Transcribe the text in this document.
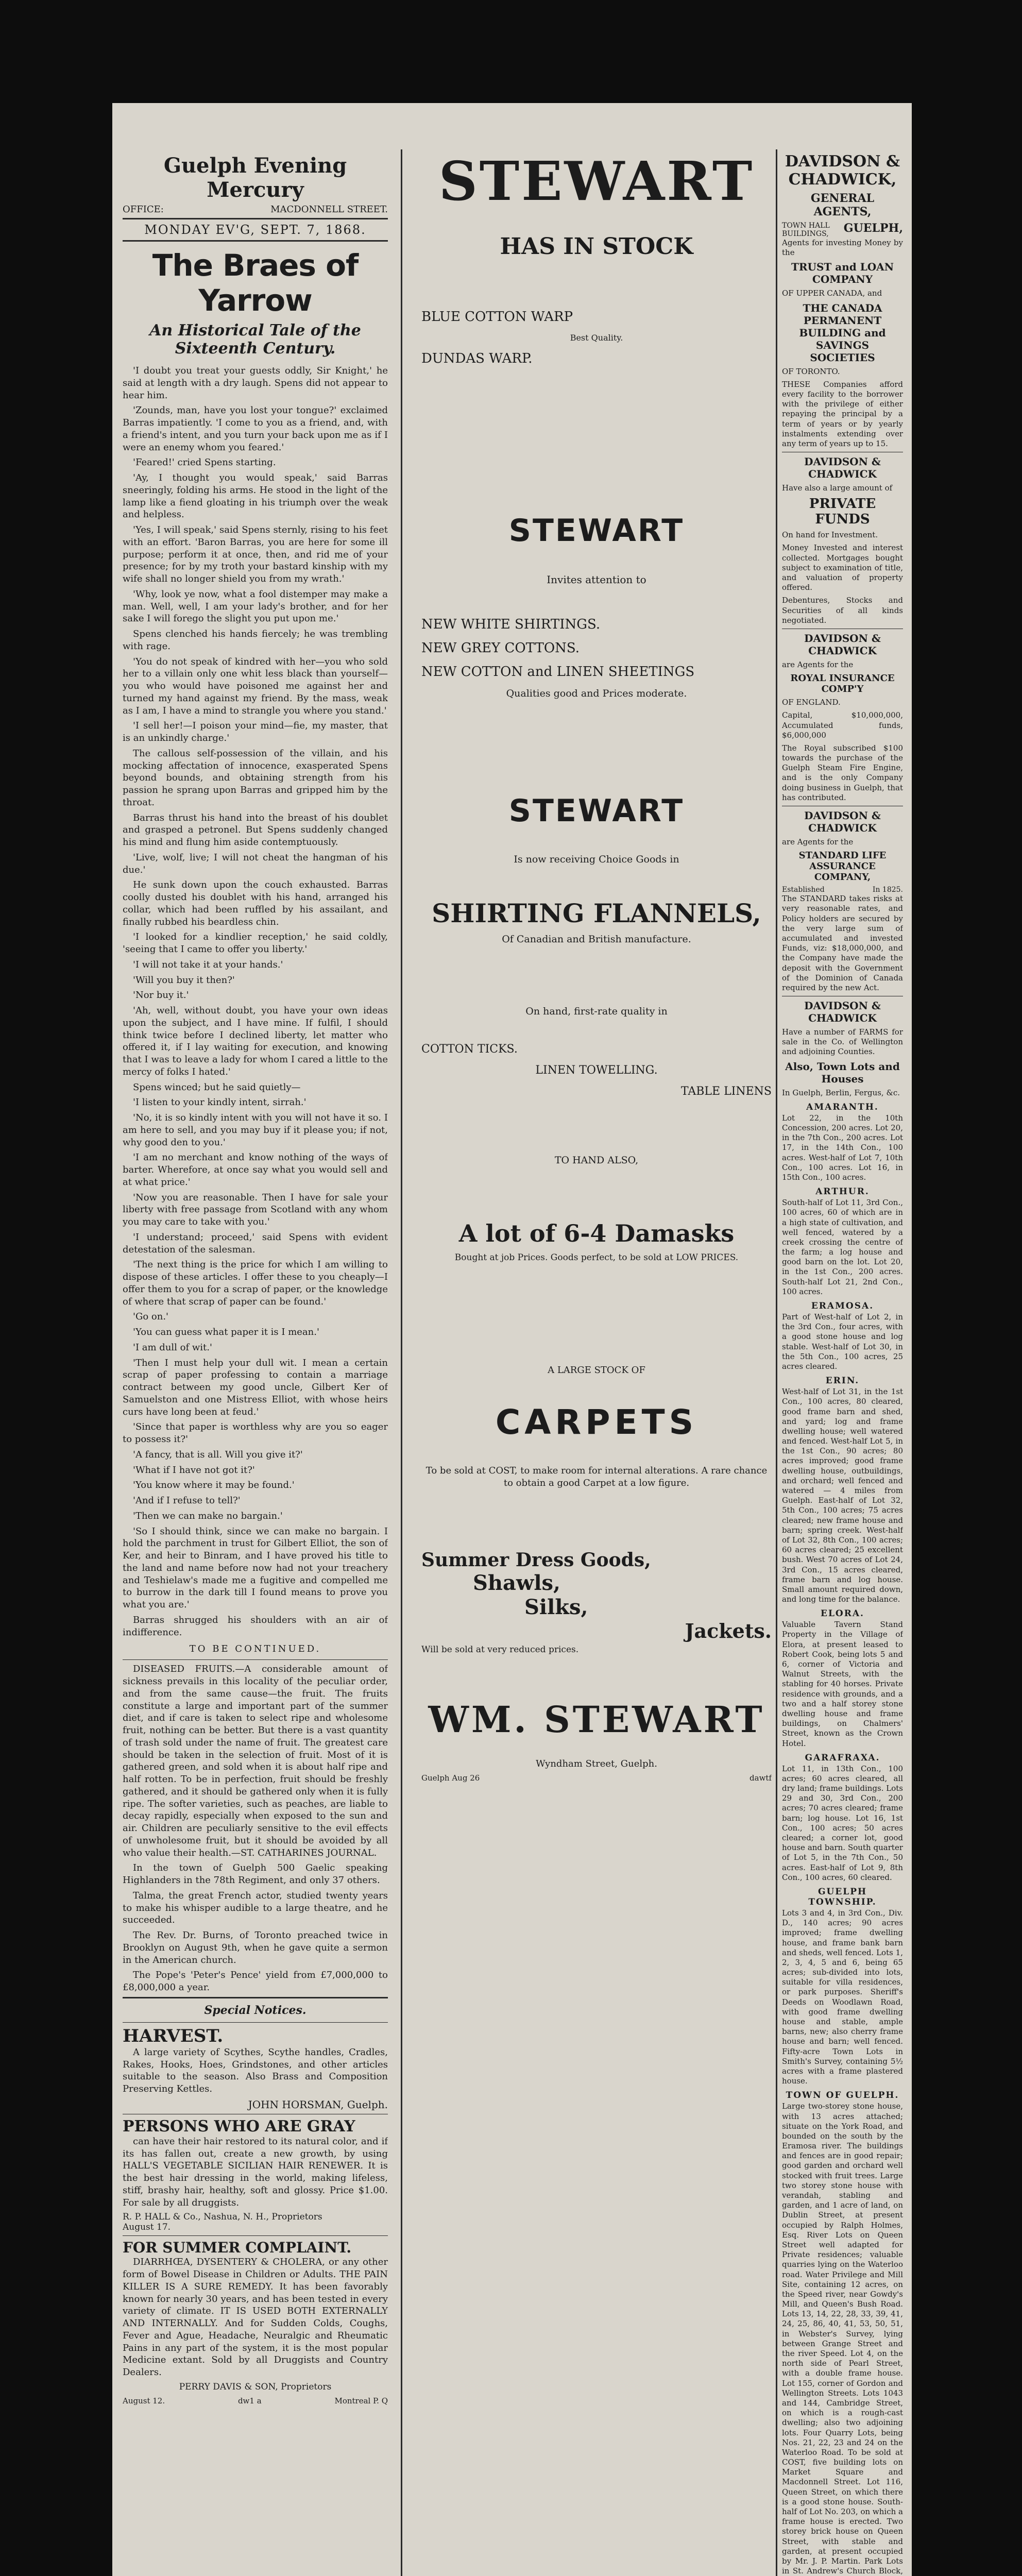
Guelph Evening Mercury
OFFICE:	MACDONNELL STREET.
MONDAY EV'G, SEPT. 7, 1868.
The Braes of Yarrow
An Historical Tale of the Sixteenth Century.

'I doubt you treat your guests oddly, Sir Knight,' he said at length with a dry laugh. Spens did not appear to hear him.

'Zounds, man, have you lost your tongue?' exclaimed Barras impatiently. 'I come to you as a friend, and, with a friend's intent, and you turn your back upon me as if I were an enemy whom you feared.'

'Feared!' cried Spens starting.

'Ay, I thought you would speak,' said Barras sneeringly, folding his arms. He stood in the light of the lamp like a fiend gloating in his triumph over the weak and helpless.

'Yes, I will speak,' said Spens sternly, rising to his feet with an effort. 'Baron Barras, you are here for some ill purpose; perform it at once, then, and rid me of your presence; for by my troth your bastard kinship with my wife shall no longer shield you from my wrath.'

'Why, look ye now, what a fool distemper may make a man. Well, well, I am your lady's brother, and for her sake I will forego the slight you put upon me.'

Spens clenched his hands fiercely; he was trembling with rage.

'You do not speak of kindred with her—you who sold her to a villain only one whit less black than yourself—you who would have poisoned me against her and turned my hand against my friend. By the mass, weak as I am, I have a mind to strangle you where you stand.'

'I sell her!—I poison your mind—fie, my master, that is an unkindly charge.'

The callous self-possession of the villain, and his mocking affectation of innocence, exasperated Spens beyond bounds, and obtaining strength from his passion he sprang upon Barras and gripped him by the throat.

Barras thrust his hand into the breast of his doublet and grasped a petronel. But Spens suddenly changed his mind and flung him aside contemptuously.

'Live, wolf, live; I will not cheat the hangman of his due.'

He sunk down upon the couch exhausted. Barras coolly dusted his doublet with his hand, arranged his collar, which had been ruffled by his assailant, and finally rubbed his beardless chin.

'I looked for a kindlier reception,' he said coldly, 'seeing that I came to offer you liberty.'

'I will not take it at your hands.'

'Will you buy it then?'

'Nor buy it.'

'Ah, well, without doubt, you have your own ideas upon the subject, and I have mine. If fulfil, I should think twice before I declined liberty, let matter who offered it, if I lay waiting for execution, and knowing that I was to leave a lady for whom I cared a little to the mercy of folks I hated.'

Spens winced; but he said quietly—

'I listen to your kindly intent, sirrah.'

'No, it is so kindly intent with you will not have it so. I am here to sell, and you may buy if it please you; if not, why good den to you.'

'I am no merchant and know nothing of the ways of barter. Wherefore, at once say what you would sell and at what price.'

'Now you are reasonable. Then I have for sale your liberty with free passage from Scotland with any whom you may care to take with you.'

'I understand; proceed,' said Spens with evident detestation of the salesman.

'The next thing is the price for which I am willing to dispose of these articles. I offer these to you cheaply—I offer them to you for a scrap of paper, or the knowledge of where that scrap of paper can be found.'

'Go on.'

'You can guess what paper it is I mean.'

'I am dull of wit.'

'Then I must help your dull wit. I mean a certain scrap of paper professing to contain a marriage contract between my good uncle, Gilbert Ker of Samuelston and one Mistress Elliot, with whose heirs curs have long been at feud.'

'Since that paper is worthless why are you so eager to possess it?'

'A fancy, that is all. Will you give it?'

'What if I have not got it?'

'You know where it may be found.'

'And if I refuse to tell?'

'Then we can make no bargain.'

'So I should think, since we can make no bargain. I hold the parchment in trust for Gilbert Elliot, the son of Ker, and heir to Binram, and I have proved his title to the land and name before now had not your treachery and Teshielaw's made me a fugitive and compelled me to burrow in the dark till I found means to prove you what you are.'

Barras shrugged his shoulders with an air of indifference.

TO BE CONTINUED.

DISEASED FRUITS.—A considerable amount of sickness prevails in this locality of the peculiar order, and from the same cause—the fruit. The fruits constitute a large and important part of the summer diet, and if care is taken to select ripe and wholesome fruit, nothing can be better. But there is a vast quantity of trash sold under the name of fruit. The greatest care should be taken in the selection of fruit. Most of it is gathered green, and sold when it is about half ripe and half rotten. To be in perfection, fruit should be freshly gathered, and it should be gathered only when it is fully ripe. The softer varieties, such as peaches, are liable to decay rapidly, especially when exposed to the sun and air. Children are peculiarly sensitive to the evil effects of unwholesome fruit, but it should be avoided by all who value their health.—ST. CATHARINES JOURNAL.

In the town of Guelph 500 Gaelic speaking Highlanders in the 78th Regiment, and only 37 others.

Talma, the great French actor, studied twenty years to make his whisper audible to a large theatre, and he succeeded.

The Rev. Dr. Burns, of Toronto preached twice in Brooklyn on August 9th, when he gave quite a sermon in the American church.

The Pope's 'Peter's Pence' yield from £7,000,000 to £8,000,000 a year.

Special Notices.
HARVEST.

A large variety of Scythes, Scythe handles, Cradles, Rakes, Hooks, Hoes, Grindstones, and other articles suitable to the season. Also Brass and Composition Preserving Kettles.

JOHN HORSMAN, Guelph.
PERSONS WHO ARE GRAY

can have their hair restored to its natural color, and if its has fallen out, create a new growth, by using HALL'S VEGETABLE SICILIAN HAIR RENEWER. It is the best hair dressing in the world, making lifeless, stiff, brashy hair, healthy, soft and glossy. Price $1.00. For sale by all druggists.

R. P. HALL & Co., Nashua, N. H., Proprietors
August 17.
FOR SUMMER COMPLAINT.

DIARRHŒA, DYSENTERY & CHOLERA, or any other form of Bowel Disease in Children or Adults. THE PAIN KILLER IS A SURE REMEDY. It has been favorably known for nearly 30 years, and has been tested in every variety of climate. IT IS USED BOTH EXTERNALLY AND INTERNALLY. And for Sudden Colds, Coughs, Fever and Ague, Headache, Neuralgic and Rheumatic Pains in any part of the system, it is the most popular Medicine extant. Sold by all Druggists and Country Dealers.

PERRY DAVIS & SON, Proprietors
August 12.	dw1 a	Montreal P. Q
STEWART
HAS IN STOCK
BLUE COTTON WARP
Best Quality.
DUNDAS WARP.
STEWART
Invites attention to
NEW WHITE SHIRTINGS.
NEW GREY COTTONS.
NEW COTTON and LINEN SHEETINGS
Qualities good and Prices moderate.
STEWART
Is now receiving Choice Goods in
SHIRTING FLANNELS,
Of Canadian and British manufacture.
On hand, first-rate quality in
COTTON TICKS.
LINEN TOWELLING.
TABLE LINENS
TO HAND ALSO,
A lot of 6-4 Damasks
Bought at job Prices. Goods perfect, to be sold at LOW PRICES.
A LARGE STOCK OF
CARPETS

To be sold at COST, to make room for internal alterations. A rare chance to obtain a good Carpet at a low figure.

Summer Dress Goods,
Shawls,
Silks,
Jackets.
Will be sold at very reduced prices.
WM. STEWART
Wyndham Street, Guelph.
Guelph Aug 26	dawtf
DAVIDSON & CHADWICK,
GENERAL AGENTS,
TOWN HALL BUILDINGS,	GUELPH,
Agents for investing Money by the
TRUST and LOAN COMPANY
OF UPPER CANADA, and
THE CANADA PERMANENT BUILDING and SAVINGS SOCIETIES
OF TORONTO.

THESE Companies afford every facility to the borrower with the privilege of either repaying the principal by a term of years or by yearly instalments extending over any term of years up to 15.

DAVIDSON & CHADWICK
Have also a large amount of
PRIVATE FUNDS
On hand for Investment.

Money Invested and interest collected. Mortgages bought subject to examination of title, and valuation of property offered.

Debentures, Stocks and Securities of all kinds negotiated.

DAVIDSON & CHADWICK
are Agents for the
ROYAL INSURANCE COMP'Y
OF ENGLAND.
Capital, $10,000,000, Accumulated funds, $6,000,000

The Royal subscribed $100 towards the purchase of the Guelph Steam Fire Engine, and is the only Company doing business in Guelph, that has contributed.

DAVIDSON & CHADWICK
are Agents for the
STANDARD LIFE ASSURANCE COMPANY,
Established	In 1825.

The STANDARD takes risks at very reasonable rates, and Policy holders are secured by the very large sum of accumulated and invested Funds, viz: $18,000,000, and the Company have made the deposit with the Government of the Dominion of Canada required by the new Act.

DAVIDSON & CHADWICK

Have a number of FARMS for sale in the Co. of Wellington and adjoining Counties.

Also, Town Lots and Houses
In Guelph, Berlin, Fergus, &c.
AMARANTH.

Lot 22, in the 10th Concession, 200 acres. Lot 20, in the 7th Con., 200 acres. Lot 17, in the 14th Con., 100 acres. West-half of Lot 7, 10th Con., 100 acres. Lot 16, in 15th Con., 100 acres.

ARTHUR.

South-half of Lot 11, 3rd Con., 100 acres, 60 of which are in a high state of cultivation, and well fenced, watered by a creek crossing the centre of the farm; a log house and good barn on the lot. Lot 20, in the 1st Con., 200 acres. South-half Lot 21, 2nd Con., 100 acres.

ERAMOSA.

Part of West-half of Lot 2, in the 3rd Con., four acres, with a good stone house and log stable. West-half of Lot 30, in the 5th Con., 100 acres, 25 acres cleared.

ERIN.

West-half of Lot 31, in the 1st Con., 100 acres, 80 cleared, good frame barn and shed, and yard; log and frame dwelling house; well watered and fenced. West-half Lot 5, in the 1st Con., 90 acres; 80 acres improved; good frame dwelling house, outbuildings, and orchard; well fenced and watered — 4 miles from Guelph. East-half of Lot 32, 5th Con., 100 acres; 75 acres cleared; new frame house and barn; spring creek. West-half of Lot 32, 8th Con., 100 acres; 60 acres cleared; 25 excellent bush. West 70 acres of Lot 24, 3rd Con., 15 acres cleared, frame barn and log house. Small amount required down, and long time for the balance.

ELORA.

Valuable Tavern Stand Property in the Village of Elora, at present leased to Robert Cook, being lots 5 and 6, corner of Victoria and Walnut Streets, with the stabling for 40 horses. Private residence with grounds, and a two and a half storey stone dwelling house and frame buildings, on Chalmers' Street, known as the Crown Hotel.

GARAFRAXA.

Lot 11, in 13th Con., 100 acres; 60 acres cleared, all dry land; frame buildings. Lots 29 and 30, 3rd Con., 200 acres; 70 acres cleared; frame barn; log house. Lot 16, 1st Con., 100 acres; 50 acres cleared; a corner lot, good house and barn. South quarter of Lot 5, in the 7th Con., 50 acres. East-half of Lot 9, 8th Con., 100 acres, 60 cleared.

GUELPH TOWNSHIP.

Lots 3 and 4, in 3rd Con., Div. D., 140 acres; 90 acres improved; frame dwelling house, and frame bank barn and sheds, well fenced. Lots 1, 2, 3, 4, 5 and 6, being 65 acres; sub-divided into lots, suitable for villa residences, or park purposes. Sheriff's Deeds on Woodlawn Road, with good frame dwelling house and stable, ample barns, new; also cherry frame house and barn; well fenced. Fifty-acre Town Lots in Smith's Survey, containing 5½ acres with a frame plastered house.

TOWN OF GUELPH.

Large two-storey stone house, with 13 acres attached; situate on the York Road, and bounded on the south by the Eramosa river. The buildings and fences are in good repair; good garden and orchard well stocked with fruit trees. Large two storey stone house with verandah, stabling and garden, and 1 acre of land, on Dublin Street, at present occupied by Ralph Holmes, Esq. River Lots on Queen Street well adapted for Private residences; valuable quarries lying on the Waterloo road. Water Privilege and Mill Site, containing 12 acres, on the Speed river, near Gowdy's Mill, and Queen's Bush Road. Lots 13, 14, 22, 28, 33, 39, 41, 24, 25, 86, 40, 41, 53, 50, 51, in Webster's Survey, lying between Grange Street and the river Speed. Lot 4, on the north side of Pearl Street, with a double frame house. Lot 155, corner of Gordon and Wellington Streets. Lots 1043 and 144, Cambridge Street, on which is a rough-cast dwelling; also two adjoining lots. Four Quarry Lots, being Nos. 21, 22, 23 and 24 on the Waterloo Road. To be sold at COST, five building lots on Market Square and Macdonnell Street. Lot 116, Queen Street, on which there is a good stone house. South-half of Lot No. 203, on which a frame house is erected. Two storey brick house on Queen Street, with stable and garden, at present occupied by Mr. J. P. Martin. Park Lots in St. Andrew's Church Block,
